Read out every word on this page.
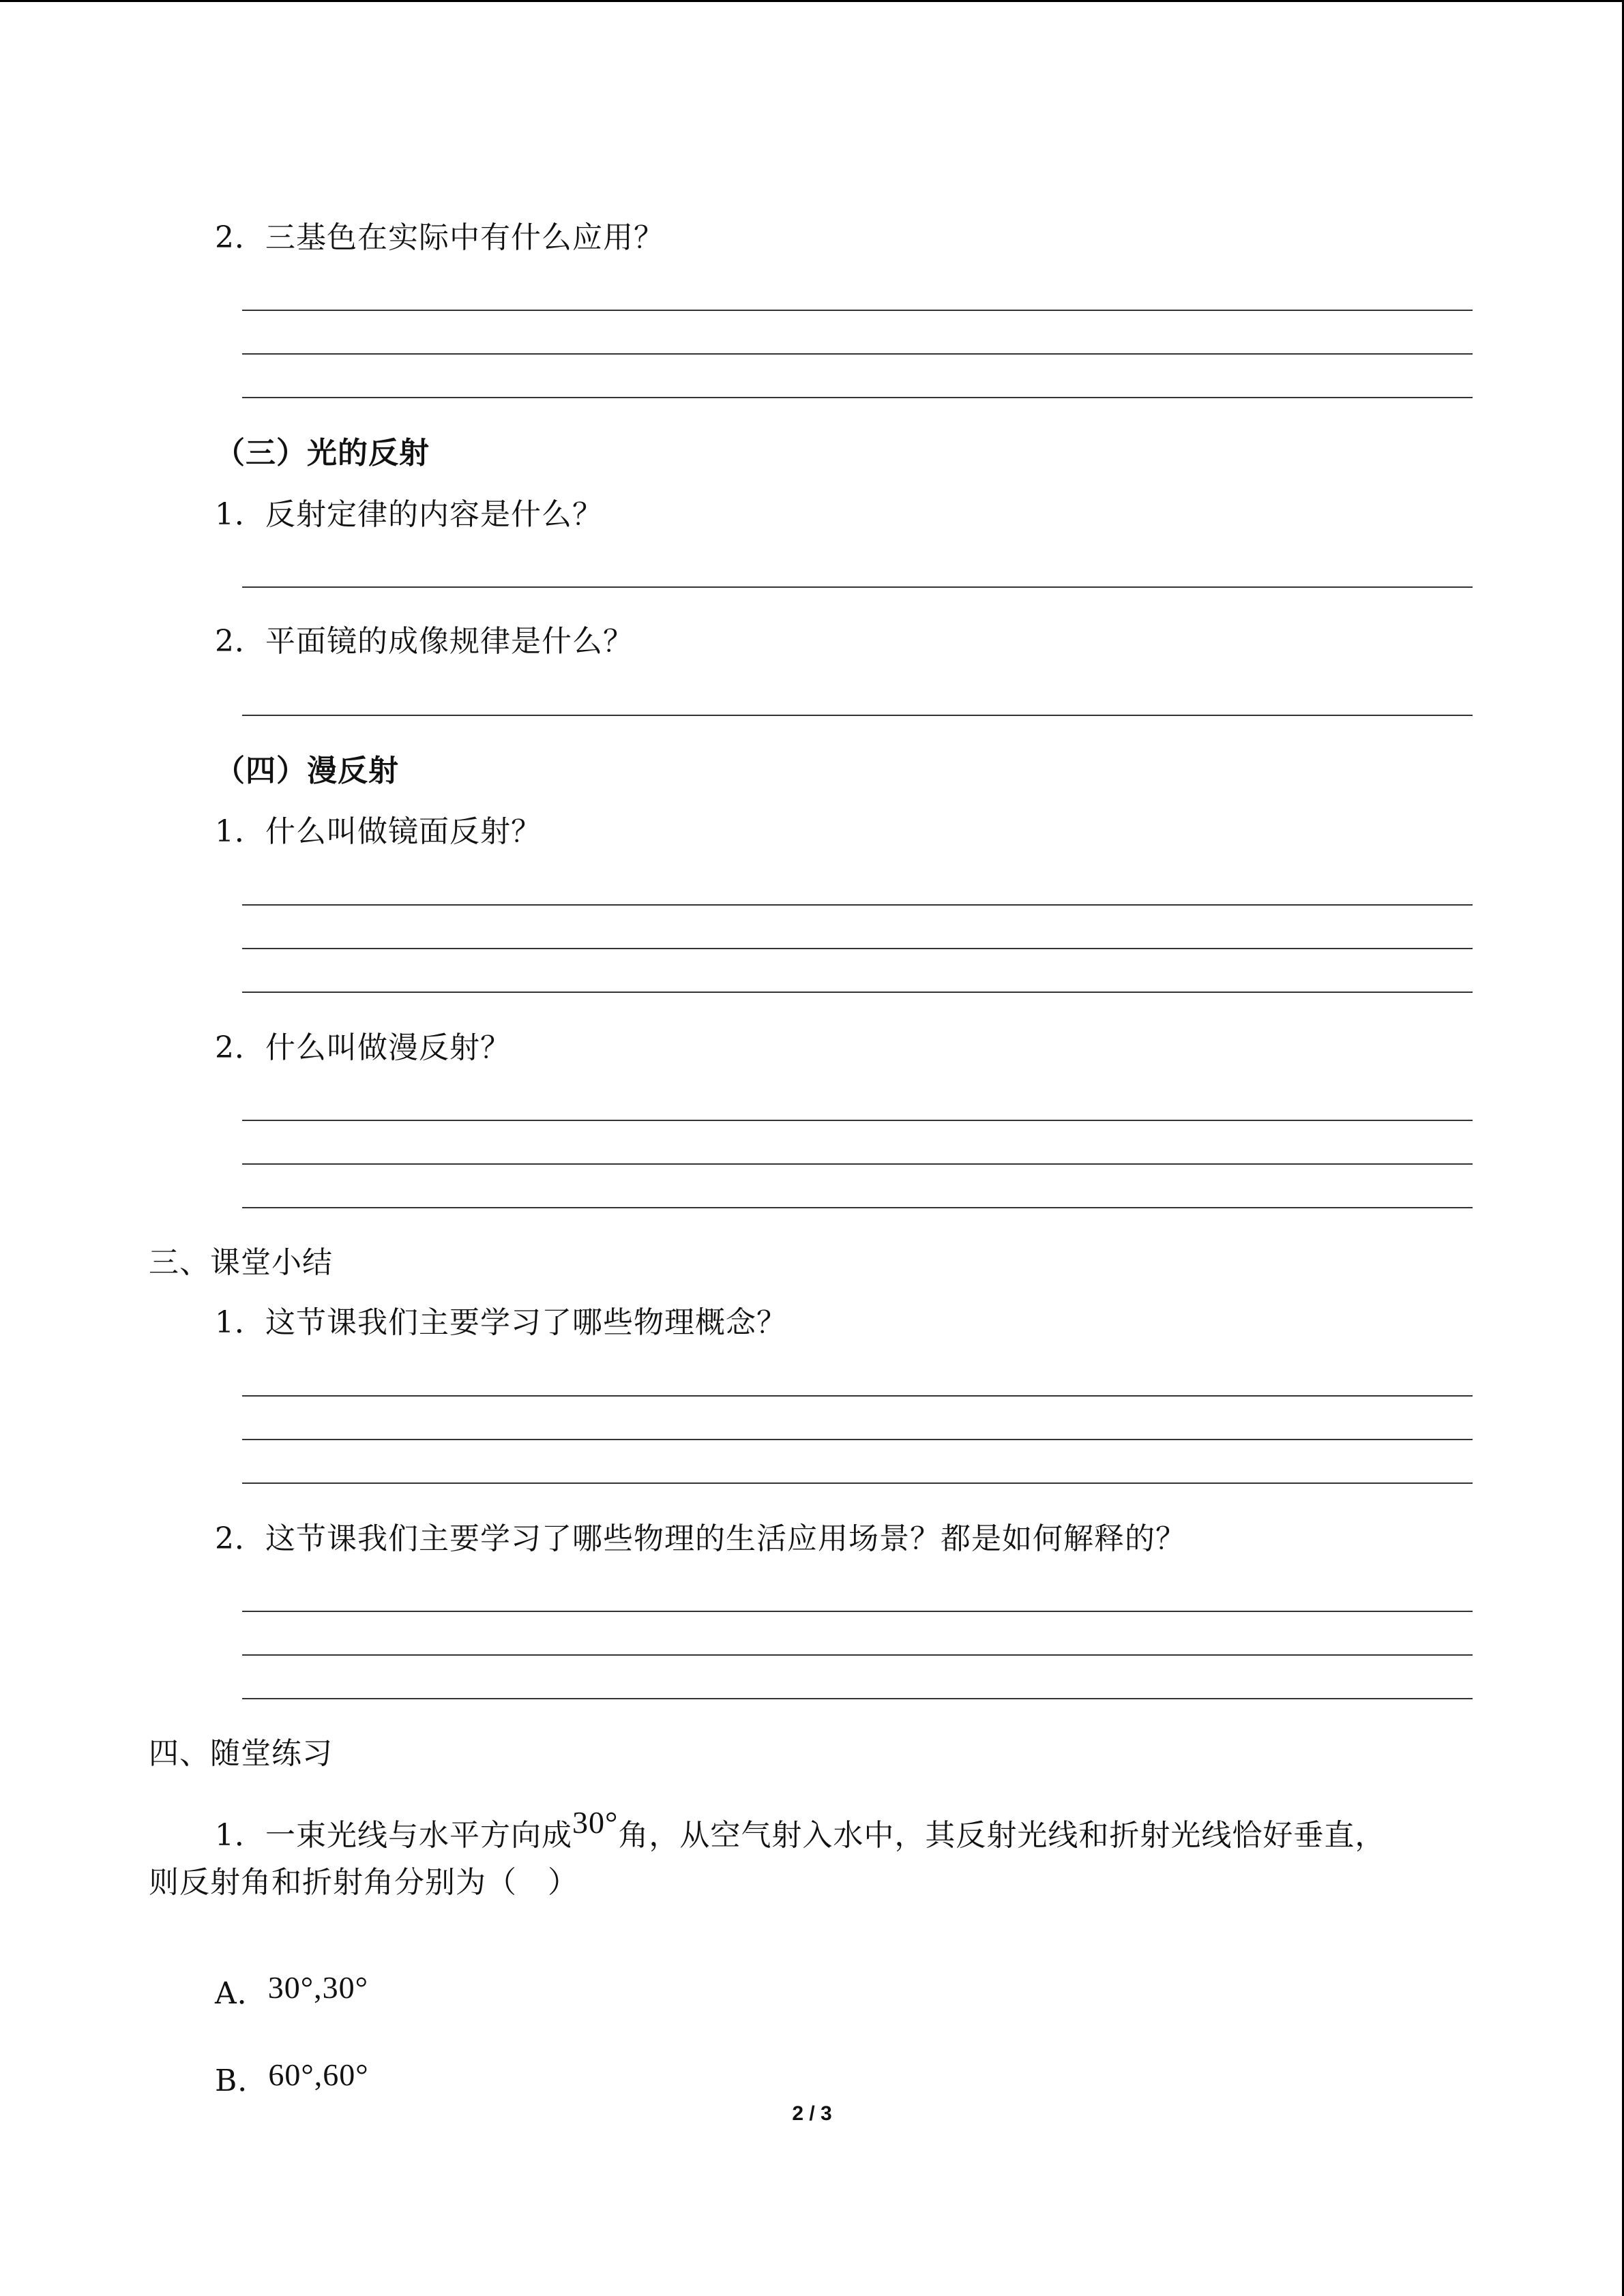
2．三基色在实际中有什么应用？
（三）光的反射
1．反射定律的内容是什么？
2．平面镜的成像规律是什么？
（四）漫反射
1．什么叫做镜面反射？
2．什么叫做漫反射？
三、课堂小结
1．这节课我们主要学习了哪些物理概念？
2．这节课我们主要学习了哪些物理的生活应用场景？都是如何解释的？
四、随堂练习
1．一束光线与水平方向成30°角，从空气射入水中，其反射光线和折射光线恰好垂直，
则反射角和折射角分别为（　）
A．30°,30°
B．60°,60°
2 / 3
